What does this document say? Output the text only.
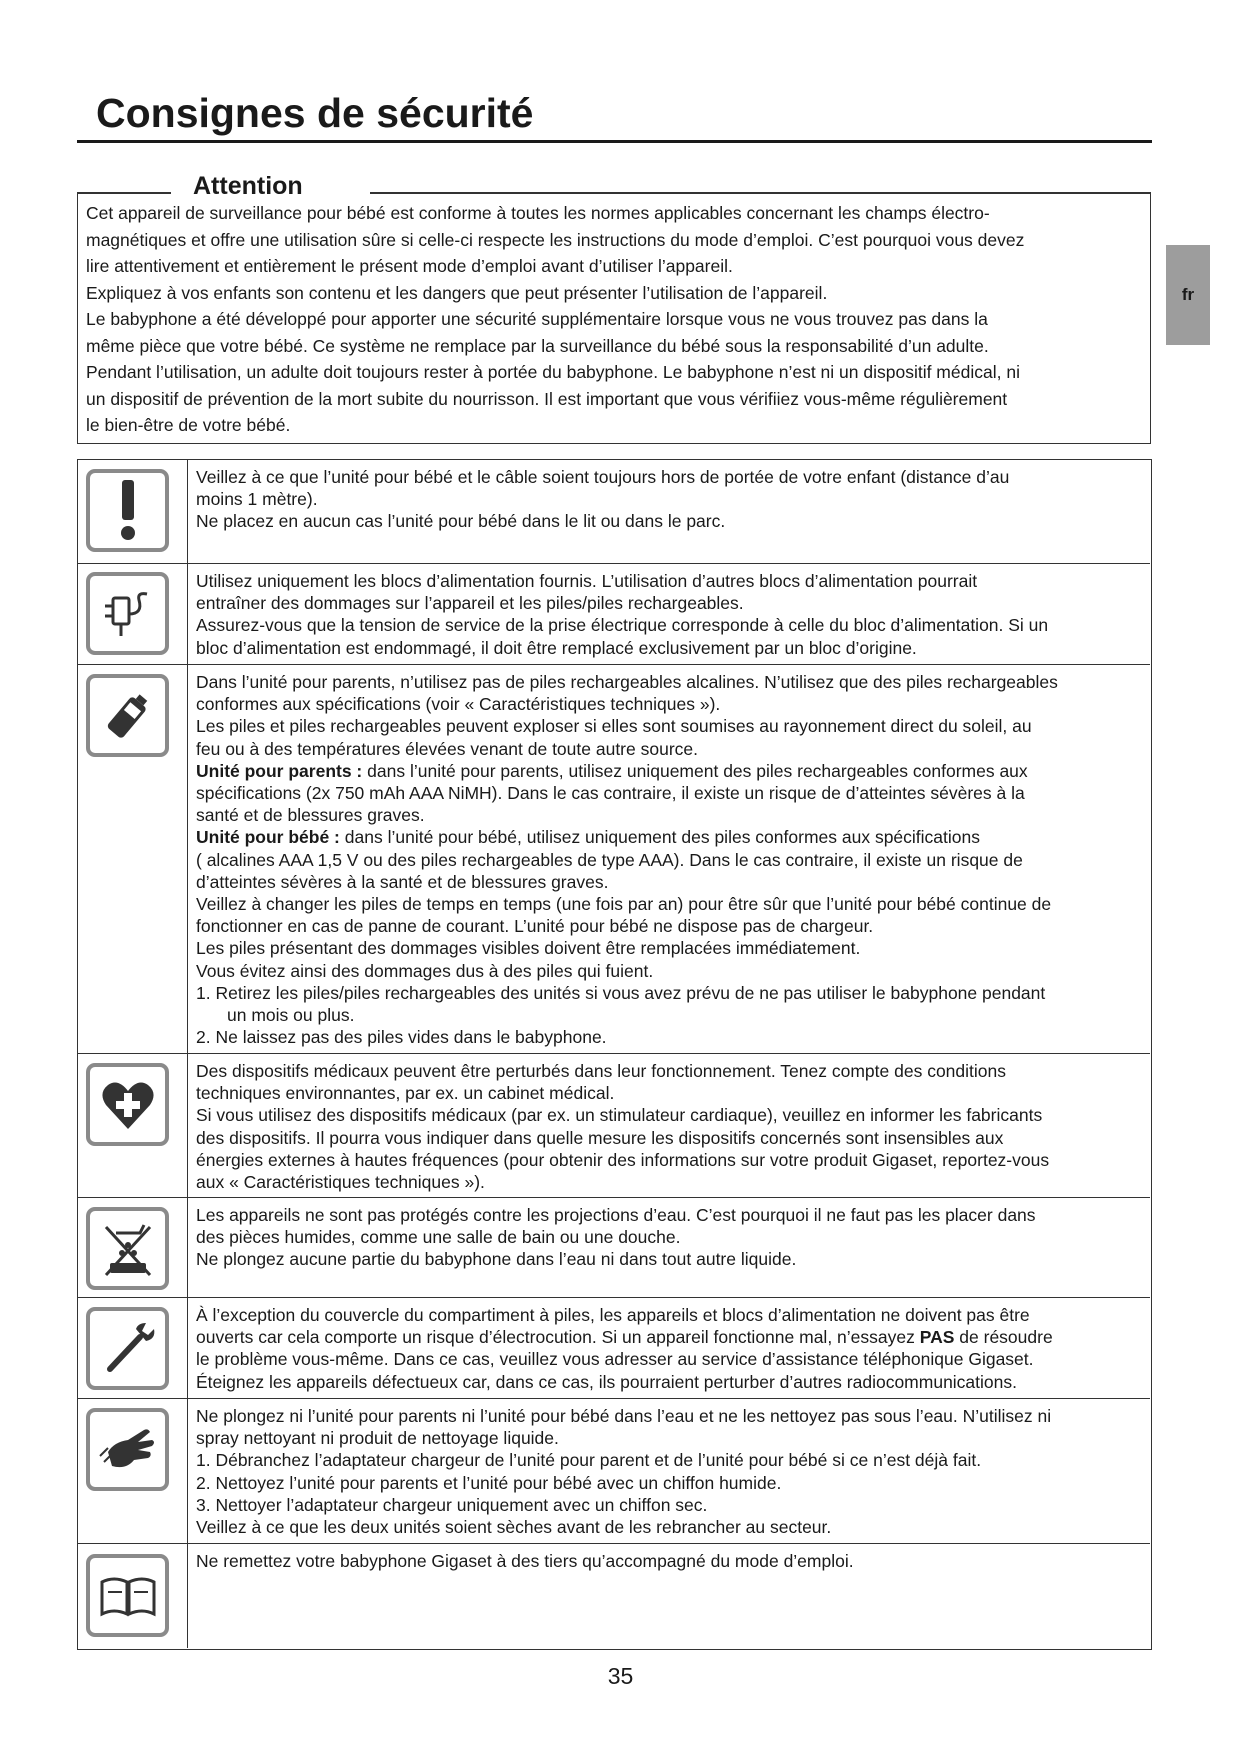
Consignes de sécurité
fr
Attention

Cet appareil de surveillance pour bébé est conforme à toutes les normes applicables concernant les champs électro-

magnétiques et offre une utilisation sûre si celle-ci respecte les instructions du mode d’emploi. C’est pourquoi vous devez

lire attentivement et entièrement le présent mode d’emploi avant d’utiliser l’appareil.

Expliquez à vos enfants son contenu et les dangers que peut présenter l’utilisation de l’appareil.

Le babyphone a été développé pour apporter une sécurité supplémentaire lorsque vous ne vous trouvez pas dans la

même pièce que votre bébé. Ce système ne remplace par la surveillance du bébé sous la responsabilité d’un adulte.

Pendant l’utilisation, un adulte doit toujours rester à portée du babyphone. Le babyphone n’est ni un dispositif médical, ni

un dispositif de prévention de la mort subite du nourrisson. Il est important que vous vérifiiez vous-même régulièrement

le bien-être de votre bébé.

Veillez à ce que l’unité pour bébé et le câble soient toujours hors de portée de votre enfant (distance d’au

moins 1 mètre).

Ne placez en aucun cas l’unité pour bébé dans le lit ou dans le parc.

Utilisez uniquement les blocs d’alimentation fournis. L’utilisation d’autres blocs d’alimentation pourrait

entraîner des dommages sur l’appareil et les piles/piles rechargeables.

Assurez-vous que la tension de service de la prise électrique corresponde à celle du bloc d’alimentation. Si un

bloc d’alimentation est endommagé, il doit être remplacé exclusivement par un bloc d’origine.

Dans l’unité pour parents, n’utilisez pas de piles rechargeables alcalines. N’utilisez que des piles rechargeables

conformes aux spécifications (voir « Caractéristiques techniques »).

Les piles et piles rechargeables peuvent exploser si elles sont soumises au rayonnement direct du soleil, au

feu ou à des températures élevées venant de toute autre source.

Unité pour parents : dans l’unité pour parents, utilisez uniquement des piles rechargeables conformes aux

spécifications (2x 750 mAh AAA NiMH). Dans le cas contraire, il existe un risque de d’atteintes sévères à la

santé et de blessures graves.

Unité pour bébé : dans l’unité pour bébé, utilisez uniquement des piles conformes aux spécifications

( alcalines AAA 1,5 V ou des piles rechargeables de type AAA). Dans le cas contraire, il existe un risque de

d’atteintes sévères à la santé et de blessures graves.

Veillez à changer les piles de temps en temps (une fois par an) pour être sûr que l’unité pour bébé continue de

fonctionner en cas de panne de courant. L’unité pour bébé ne dispose pas de chargeur.

Les piles présentant des dommages visibles doivent être remplacées immédiatement.

Vous évitez ainsi des dommages dus à des piles qui fuient.

1. Retirez les piles/piles rechargeables des unités si vous avez prévu de ne pas utiliser le babyphone pendant

un mois ou plus.

2. Ne laissez pas des piles vides dans le babyphone.

Des dispositifs médicaux peuvent être perturbés dans leur fonctionnement. Tenez compte des conditions

techniques environnantes, par ex. un cabinet médical.

Si vous utilisez des dispositifs médicaux (par ex. un stimulateur cardiaque), veuillez en informer les fabricants

des dispositifs. Il pourra vous indiquer dans quelle mesure les dispositifs concernés sont insensibles aux

énergies externes à hautes fréquences (pour obtenir des informations sur votre produit Gigaset, reportez-vous

aux « Caractéristiques techniques »).

Les appareils ne sont pas protégés contre les projections d’eau. C’est pourquoi il ne faut pas les placer dans

des pièces humides, comme une salle de bain ou une douche.

Ne plongez aucune partie du babyphone dans l’eau ni dans tout autre liquide.

À l’exception du couvercle du compartiment à piles, les appareils et blocs d’alimentation ne doivent pas être

ouverts car cela comporte un risque d’électrocution. Si un appareil fonctionne mal, n’essayez PAS de résoudre

le problème vous-même. Dans ce cas, veuillez vous adresser au service d’assistance téléphonique Gigaset.

Éteignez les appareils défectueux car, dans ce cas, ils pourraient perturber d’autres radiocommunications.

Ne plongez ni l’unité pour parents ni l’unité pour bébé dans l’eau et ne les nettoyez pas sous l’eau. N’utilisez ni

spray nettoyant ni produit de nettoyage liquide.

1. Débranchez l’adaptateur chargeur de l’unité pour parent et de l’unité pour bébé si ce n’est déjà fait.

2. Nettoyez l’unité pour parents et l’unité pour bébé avec un chiffon humide.

3. Nettoyer l’adaptateur chargeur uniquement avec un chiffon sec.

Veillez à ce que les deux unités soient sèches avant de les rebrancher au secteur.

Ne remettez votre babyphone Gigaset à des tiers qu’accompagné du mode d’emploi.

35
